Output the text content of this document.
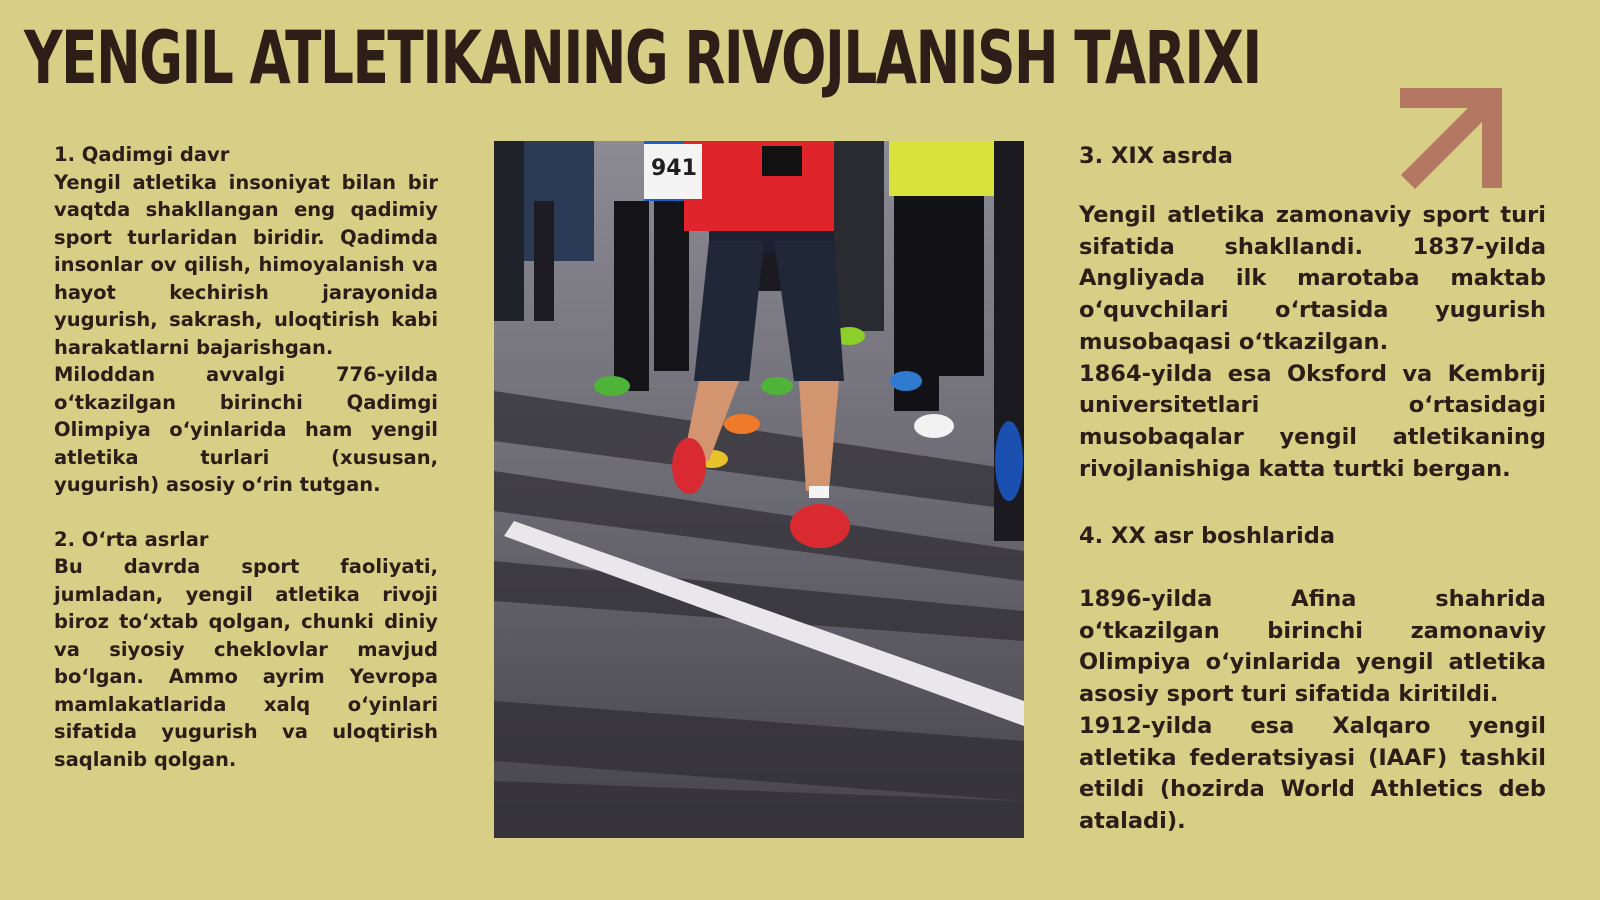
YENGIL ATLETIKANING RIVOJLANISH TARIXI

1. Qadimgi davr

Yengil atletika insoniyat bilan bir vaqtda shakllangan eng qadimiy sport turlaridan biridir. Qadimda insonlar ov qilish, himoyalanish va hayot kechirish jarayonida yugurish, sakrash, uloqtirish kabi harakatlarni bajarishgan.

Miloddan avvalgi 776-yilda o‘tkazilgan birinchi Qadimgi Olimpiya o‘yinlarida ham yengil atletika turlari (xususan, yugurish) asosiy o‘rin tutgan.

2. O‘rta asrlar

Bu davrda sport faoliyati, jumladan, yengil atletika rivoji biroz to‘xtab qolgan, chunki diniy va siyosiy cheklovlar mavjud bo‘lgan. Ammo ayrim Yevropa mamlakatlarida xalq o‘yinlari sifatida yugurish va uloqtirish saqlanib qolgan.

941	3. XIX asrda

Yengil atletika zamonaviy sport turi sifatida shakllandi. 1837-yilda Angliyada ilk marotaba maktab o‘quvchilari o‘rtasida yugurish musobaqasi o‘tkazilgan.

1864-yilda esa Oksford va Kembrij universitetlari o‘rtasidagi musobaqalar yengil atletikaning rivojlanishiga katta turtki bergan.

4. XX asr boshlarida

1896-yilda Afina shahrida o‘tkazilgan birinchi zamonaviy Olimpiya o‘yinlarida yengil atletika asosiy sport turi sifatida kiritildi.

1912-yilda esa Xalqaro yengil atletika federatsiyasi (IAAF) tashkil etildi (hozirda World Athletics deb ataladi).
